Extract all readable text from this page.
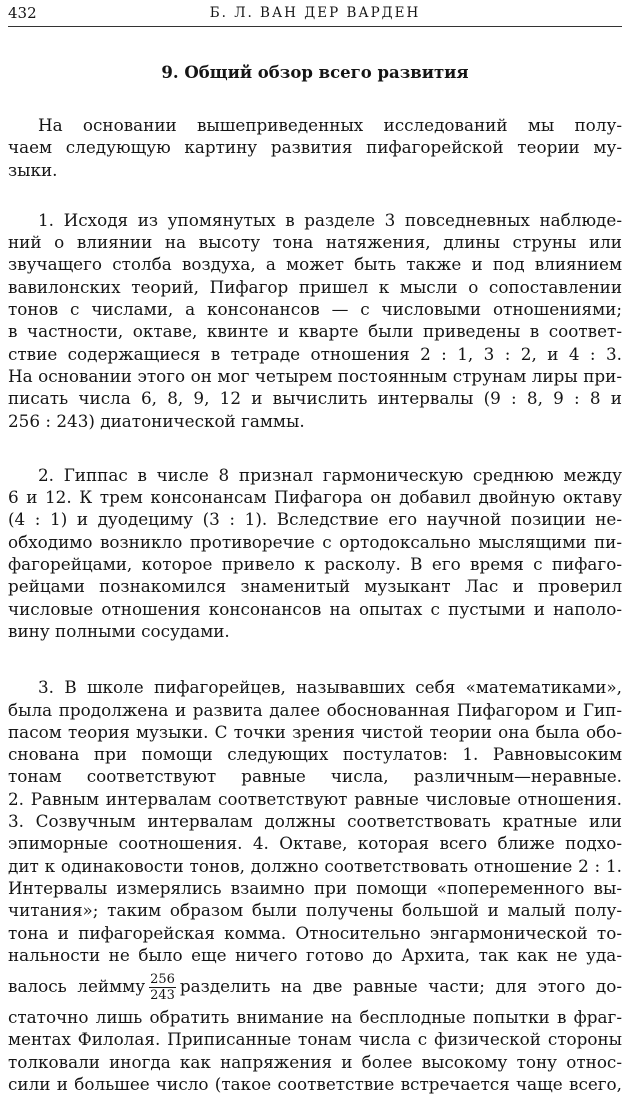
432	Б. Л. ВАН ДЕР ВАРДЕН
9. Общий обзор всего развития

На основании вышеприведенных исследований мы полу-
чаем следующую картину развития пифагорейской теории му-
зыки.

1. Исходя из упомянутых в разделе 3 повседневных наблюде-
ний о влиянии на высоту тона натяжения, длины струны или
звучащего столба воздуха, а может быть также и под влиянием
вавилонских теорий, Пифагор пришел к мысли о сопоставлении
тонов с числами, а консонансов — с числовыми отношениями;
в частности, октаве, квинте и кварте были приведены в соответ-
ствие содержащиеся в тетраде отношения 2 : 1, 3 : 2, и 4 : 3.
На основании этого он мог четырем постоянным струнам лиры при-
писать числа 6, 8, 9, 12 и вычислить интервалы (9 : 8, 9 : 8 и
256 : 243) диатонической гаммы.

2. Гиппас в числе 8 признал гармоническую среднюю между
6 и 12. К трем консонансам Пифагора он добавил двойную октаву
(4 : 1) и дуодециму (3 : 1). Вследствие его научной позиции не-
обходимо возникло противоречие с ортодоксально мыслящими пи-
фагорейцами, которое привело к расколу. В его время с пифаго-
рейцами познакомился знаменитый музыкант Лас и проверил
числовые отношения консонансов на опытах с пустыми и наполо-
вину полными сосудами.

3. В школе пифагорейцев, называвших себя «математиками»,
была продолжена и развита далее обоснованная Пифагором и Гип-
пасом теория музыки. С точки зрения чистой теории она была обо-
снована при помощи следующих постулатов: 1. Равновысоким
тонам соответствуют равные числа, различным—неравные.
2. Равным интервалам соответствуют равные числовые отношения.
3. Созвучным интервалам должны соответствовать кратные или
эпиморные соотношения. 4. Октаве, которая всего ближе подхо-
дит к одинаковости тонов, должно соответствовать отношение 2 : 1.
Интервалы измерялись взаимно при помощи «попеременного вы-
читания»; таким образом были получены большой и малый полу-
тона и пифагорейская комма. Относительно энгармонической то-
нальности не было еще ничего готово до Архита, так как не уда-
валось леймму $\frac{256}{243}$ разделить на две равные части; для этого до-
статочно лишь обратить внимание на бесплодные попытки в фраг-
ментах Филолая. Приписанные тонам числа с физической стороны
толковали иногда как напряжения и более высокому тону относ-
сили и большее число (такое соответствие встречается чаще всего,
